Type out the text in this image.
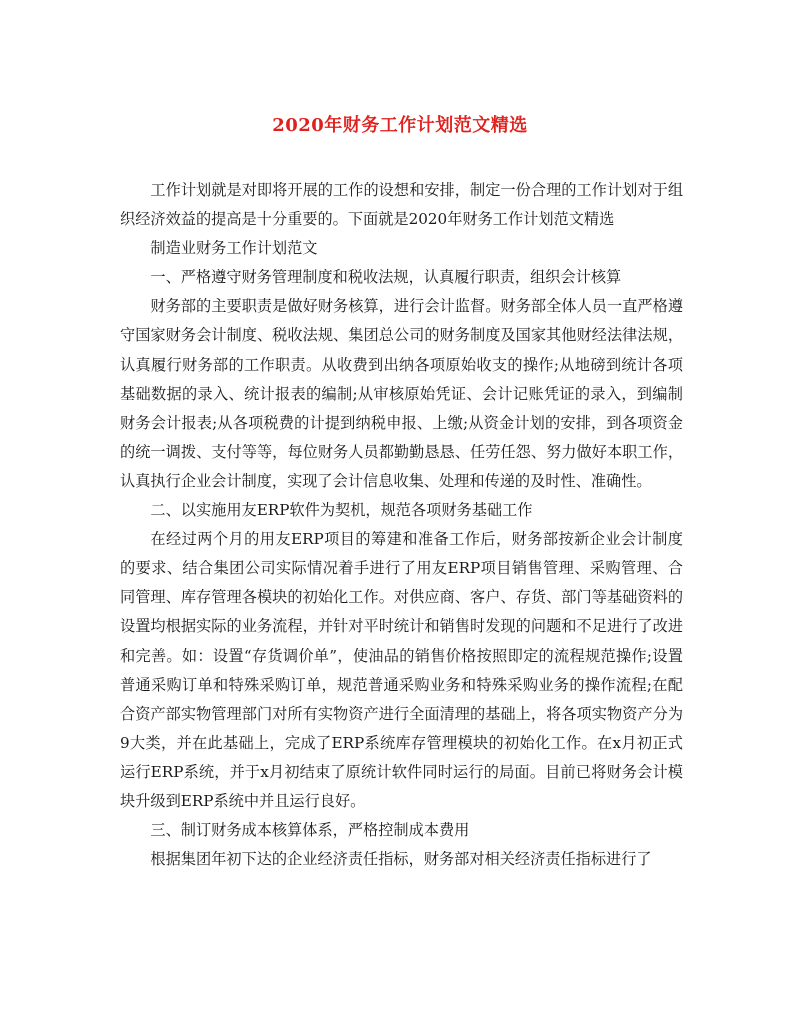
2020年财务工作计划范文精选

工作计划就是对即将开展的工作的设想和安排，制定一份合理的工作计划对于组织经济效益的提高是十分重要的。下面就是2020年财务工作计划范文精选

制造业财务工作计划范文

一、严格遵守财务管理制度和税收法规，认真履行职责，组织会计核算

财务部的主要职责是做好财务核算，进行会计监督。财务部全体人员一直严格遵守国家财务会计制度、税收法规、集团总公司的财务制度及国家其他财经法律法规，认真履行财务部的工作职责。从收费到出纳各项原始收支的操作;从地磅到统计各项基础数据的录入、统计报表的编制;从审核原始凭证、会计记账凭证的录入，到编制财务会计报表;从各项税费的计提到纳税申报、上缴;从资金计划的安排，到各项资金的统一调拨、支付等等，每位财务人员都勤勤恳恳、任劳任怨、努力做好本职工作，认真执行企业会计制度，实现了会计信息收集、处理和传递的及时性、准确性。

二、以实施用友ERP软件为契机，规范各项财务基础工作

在经过两个月的用友ERP项目的筹建和准备工作后，财务部按新企业会计制度的要求、结合集团公司实际情况着手进行了用友ERP项目销售管理、采购管理、合同管理、库存管理各模块的初始化工作。对供应商、客户、存货、部门等基础资料的设置均根据实际的业务流程，并针对平时统计和销售时发现的问题和不足进行了改进和完善。如：设置“存货调价单”，使油品的销售价格按照即定的流程规范操作;设置普通采购订单和特殊采购订单，规范普通采购业务和特殊采购业务的操作流程;在配合资产部实物管理部门对所有实物资产进行全面清理的基础上，将各项实物资产分为9大类，并在此基础上，完成了ERP系统库存管理模块的初始化工作。在x月初正式运行ERP系统，并于x月初结束了原统计软件同时运行的局面。目前已将财务会计模块升级到ERP系统中并且运行良好。

三、制订财务成本核算体系，严格控制成本费用

根据集团年初下达的企业经济责任指标，财务部对相关经济责任指标进行了
